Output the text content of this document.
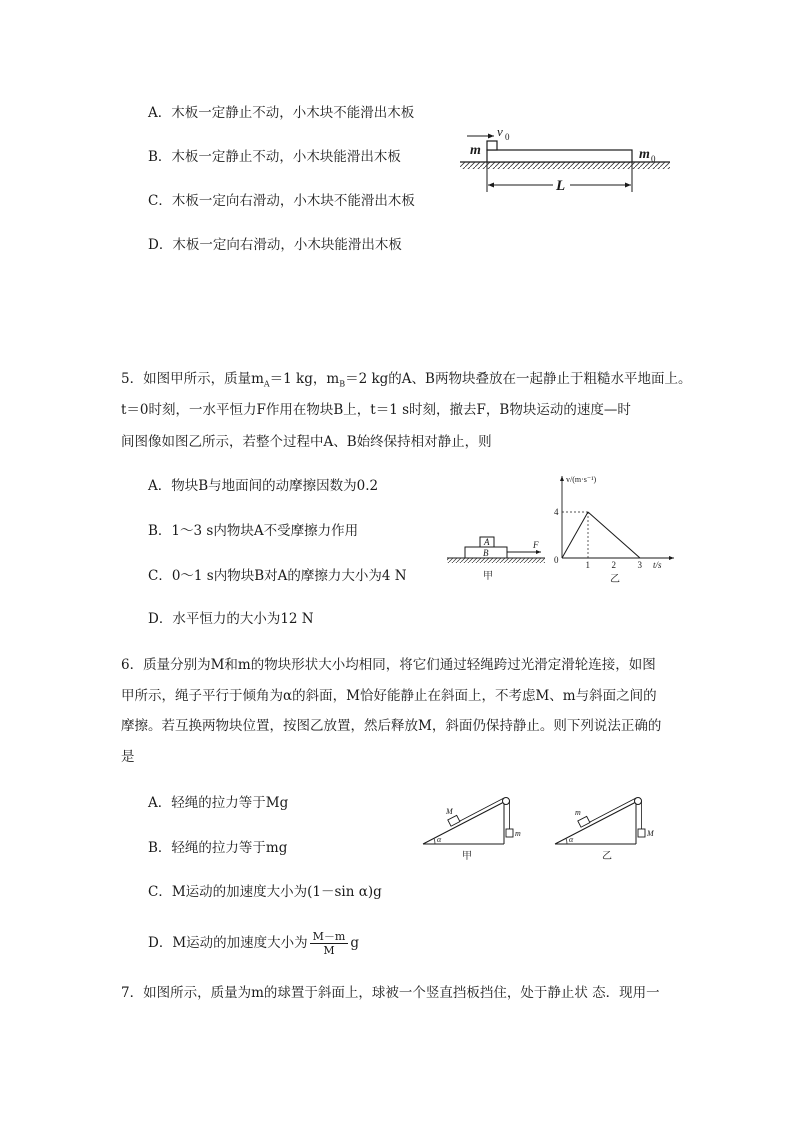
A．木板一定静止不动，小木块不能滑出木板
B．木板一定静止不动，小木块能滑出木板
C．木板一定向右滑动，小木块不能滑出木板
D．木板一定向右滑动，小木块能滑出木板
v 0
m	m 0
L
5．如图甲所示，质量$m_A=1$ kg，$m_B=2$ kg的A、B两物块叠放在一起静止于粗糙水平地面上。
t＝0时刻，一水平恒力F作用在物块B上，t＝1 s时刻，撤去F，B物块运动的速度—时
间图像如图乙所示，若整个过程中A、B始终保持相对静止，则
A．物块B与地面间的动摩擦因数为0.2
B．1～3 s内物块A不受摩擦力作用
C．0～1 s内物块B对A的摩擦力大小为4 N
D．水平恒力的大小为12 N
A
B
F
甲
v/(m·s⁻¹)
t/s
0	1 2 3
4
乙
6．质量分别为M和m的物块形状大小均相同，将它们通过轻绳跨过光滑定滑轮连接，如图
甲所示，绳子平行于倾角为α的斜面，M恰好能静止在斜面上，不考虑M、m与斜面之间的
摩擦。若互换两物块位置，按图乙放置，然后释放M，斜面仍保持静止。则下列说法正确的
是
A．轻绳的拉力等于Mg
B．轻绳的拉力等于mg
C．M运动的加速度大小为(1－sin α)g
D．M运动的加速度大小为 $\frac{M-m}{M}$ g
M
m
α
甲
m
M
α
乙
7．如图所示，质量为m的球置于斜面上，球被一个竖直挡板挡住，处于静止状 态．现用一
